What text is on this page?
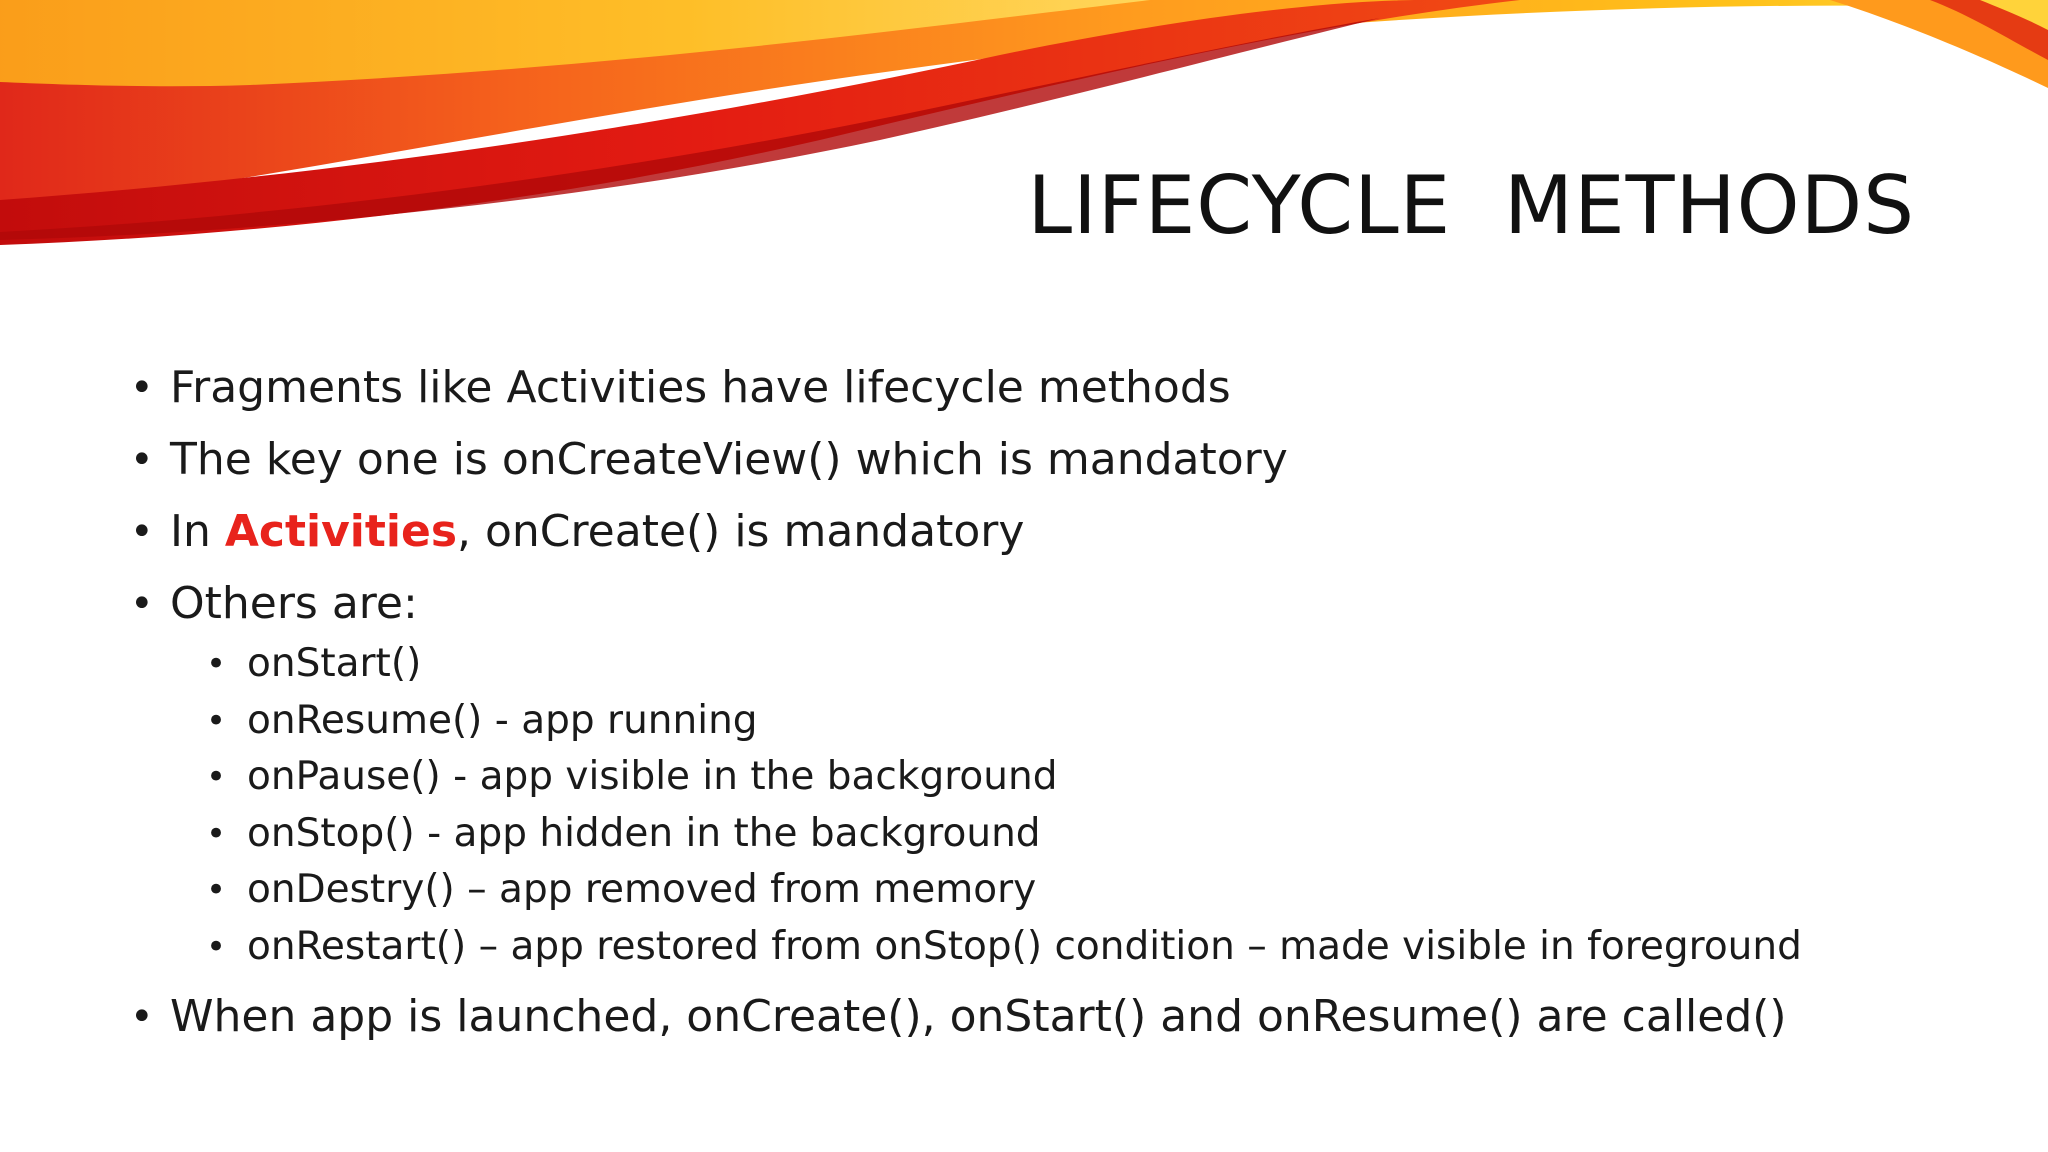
LIFECYCLE  METHODS
• Fragments like Activities have lifecycle methods
• The key one is onCreateView() which is mandatory
• In Activities, onCreate() is mandatory
• Others are:
• onStart()
• onResume() - app running
• onPause() - app visible in the background
• onStop() - app hidden in the background
• onDestry() – app removed from memory
• onRestart() – app restored from onStop() condition – made visible in foreground
• When app is launched, onCreate(), onStart() and onResume() are called()
